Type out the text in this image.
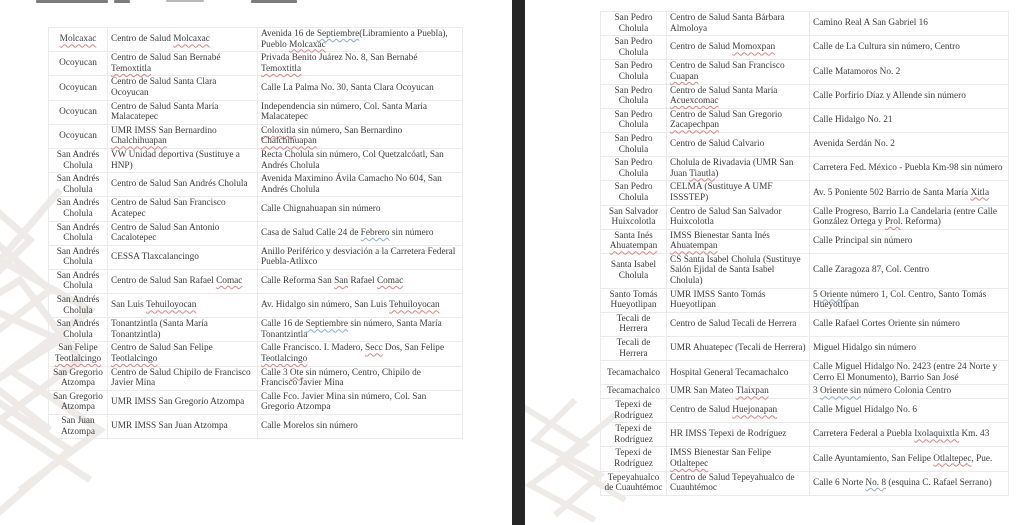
Molcaxac	Centro de Salud Molcaxac	Avenida 16 de Septiembre(Libramiento a Puebla), Pueblo Molcaxac
Ocoyucan	Centro de Salud San Bernabé Temoxtitla	Privada Benito Juárez No. 8, San Bernabé Temoxtitla
Ocoyucan	Centro de Salud Santa Clara Ocoyucan	Calle La Palma No. 30, Santa Clara Ocoyucan
Ocoyucan	Centro de Salud Santa María Malacatepec	Independencia sin número, Col. Santa María Malacatepec
Ocoyucan	UMR IMSS San Bernardino Chalchihuapan	Coloxitla sin número, San Bernardino Chalchihuapan
San Andrés Cholula	VW Unidad deportiva (Sustituye a HNP)	Recta Cholula sin número, Col Quetzalcóatl, San Andrés Cholula
San Andrés Cholula	Centro de Salud San Andrés Cholula	Avenida Maximino Ávila Camacho No 604, San Andrés Cholula
San Andrés Cholula	Centro de Salud San Francisco Acatepec	Calle Chignahuapan sin número
San Andrés Cholula	Centro de Salud San Antonio Cacalotepec	Casa de Salud Calle 24 de Febrero sin número
San Andrés Cholula	CESSA Tlaxcalancingo	Anillo Periférico y desviación a la Carretera Federal Puebla-Atlixco
San Andrés Cholula	Centro de Salud San Rafael Comac	Calle Reforma San San Rafael Comac
San Andrés Cholula	San Luis Tehuiloyocan	Av. Hidalgo sin número, San Luis Tehuiloyocan
San Andrés Cholula	Tonantzintla (Santa María Tonantzintla)	Calle 16 de Septiembre sin número, Santa María Tonantzintla
San Felipe Teotlalcingo	Centro de Salud San Felipe Teotlalcingo	Calle Francisco. I. Madero, Secc Dos, San Felipe Teotlalcingo
San Gregorio Atzompa	Centro de Salud Chipilo de Francisco Javier Mina	Calle 3 Ote sin número, Centro, Chipilo de Francisco Javier Mina
San Gregorio Atzompa	UMR IMSS San Gregorio Atzompa	Calle Fco. Javier Mina sin número, Col. San Gregorio Atzompa
San Juan Atzompa	UMR IMSS San Juan Atzompa	Calle Morelos sin número
San Pedro Cholula	Centro de Salud Santa Bárbara Almoloya	Camino Real A San Gabriel 16
San Pedro Cholula	Centro de Salud Momoxpan	Calle de La Cultura sin número, Centro
San Pedro Cholula	Centro de Salud San Francisco Cuapan	Calle Matamoros No. 2
San Pedro Cholula	Centro de Salud Santa María Acuexcomac	Calle Porfirio Díaz y Allende sin número
San Pedro Cholula	Centro de Salud San Gregorio Zacapechpan	Calle Hidalgo No. 21
San Pedro Cholula	Centro de Salud Calvario	Avenida Serdán No. 2
San Pedro Cholula	Cholula de Rivadavia (UMR San Juan Tiautla)	Carretera Fed. México - Puebla Km-98 sin número
San Pedro Cholula	CELMA (Sustituye A UMF ISSSTEP)	Av. 5 Poniente 502 Barrio de Santa María Xitla
San Salvador Huixcolotla	Centro de Salud San Salvador Huixcolotla	Calle Progreso, Barrio La Candelaria (entre Calle González Ortega y Prol. Reforma)
Santa Inés Ahuatempan	IMSS Bienestar Santa Inés Ahuatempan	Calle Principal sin número
Santa Isabel Cholula	CS Santa Isabel Cholula (Sustituye Salón Ejidal de Santa Isabel Cholula)	Calle Zaragoza 87, Col. Centro
Santo Tomás Hueyotlipan	UMR IMSS Santo Tomás Hueyotlipan	5 Oriente número 1, Col. Centro, Santo Tomás Hueyotlipan
Tecali de Herrera	Centro de Salud Tecali de Herrera	Calle Rafael Cortes Oriente sin número
Tecali de Herrera	UMR Ahuatepec (Tecali de Herrera)	Miguel Hidalgo sin número
Tecamachalco	Hospital General Tecamachalco	Calle Miguel Hidalgo No. 2423 (entre 24 Norte y Cerro El Monumento), Barrio San José
Tecamachalco	UMR San Mateo Tlaixpan	3 Oriente sin número Colonia Centro
Tepexi de Rodríguez	Centro de Salud Huejonapan	Calle Miguel Hidalgo No. 6
Tepexi de Rodríguez	HR IMSS Tepexi de Rodríguez	Carretera Federal a Puebla Ixolaquixtla Km. 43
Tepexi de Rodríguez	IMSS Bienestar San Felipe Otlaltepec	Calle Ayuntamiento, San Felipe Otlaltepec, Pue.
Tepeyahualco de Cuauhtémoc	Centro de Salud Tepeyahualco de Cuauhtémoc	Calle 6 Norte No. 8 (esquina C. Rafael Serrano)
